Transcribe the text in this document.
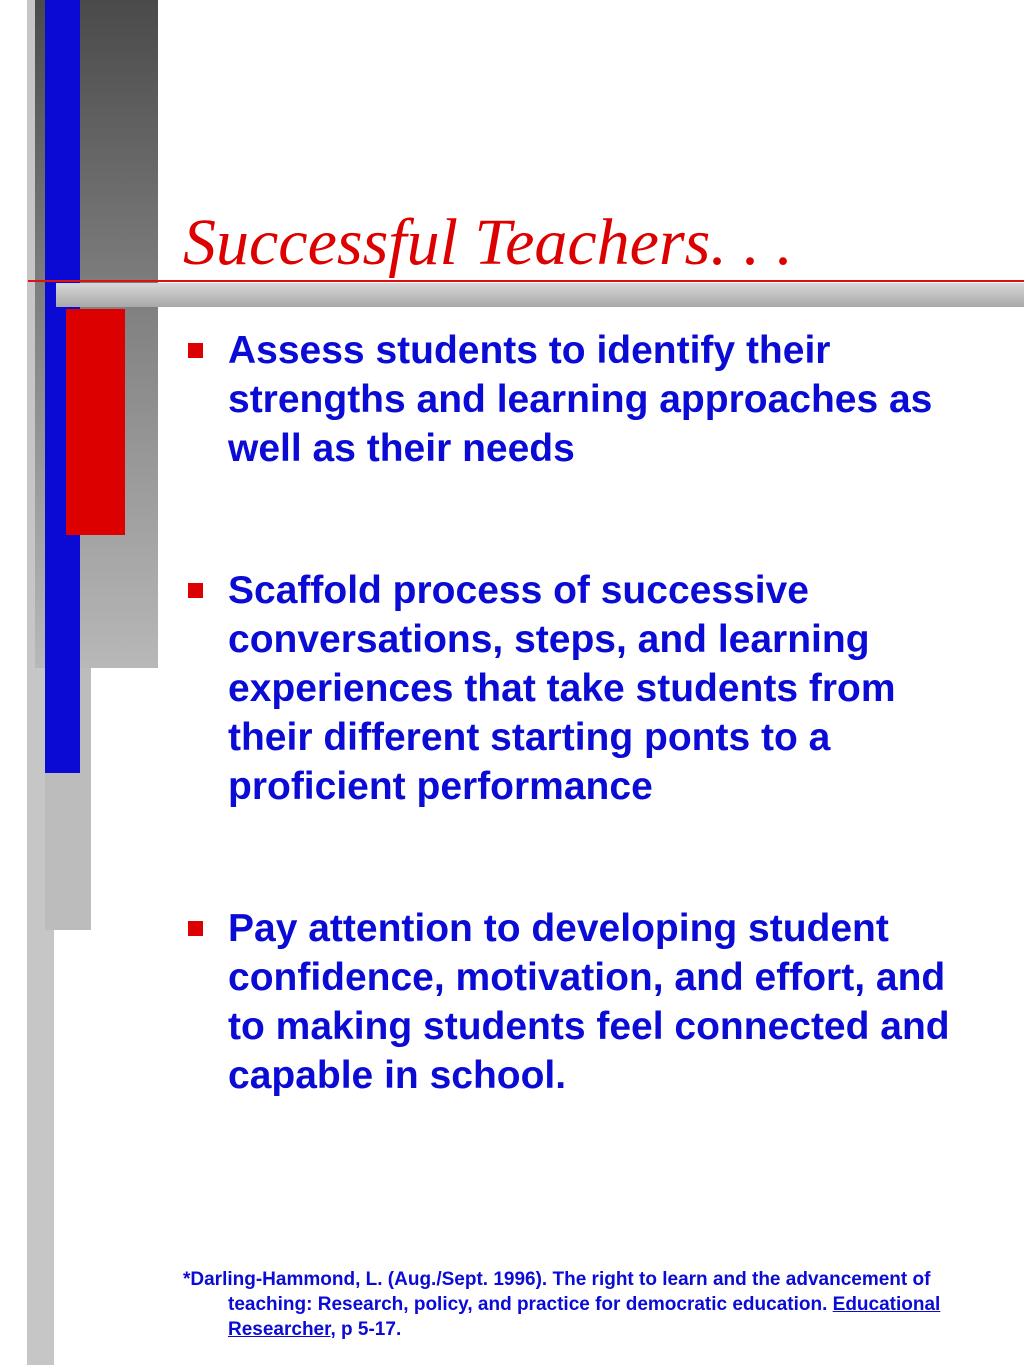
Successful Teachers. . .
Assess students to identify their strengths and learning approaches as well as their needs
Scaffold process of successive conversations, steps, and learning experiences that take students from their different starting ponts to a proficient performance
Pay attention to developing student confidence, motivation, and effort, and to making students feel connected and capable in school.

*Darling-Hammond, L. (Aug./Sept. 1996). The right to learn and the advancement of teaching: Research, policy, and practice for democratic education. Educational Researcher, p 5-17.
